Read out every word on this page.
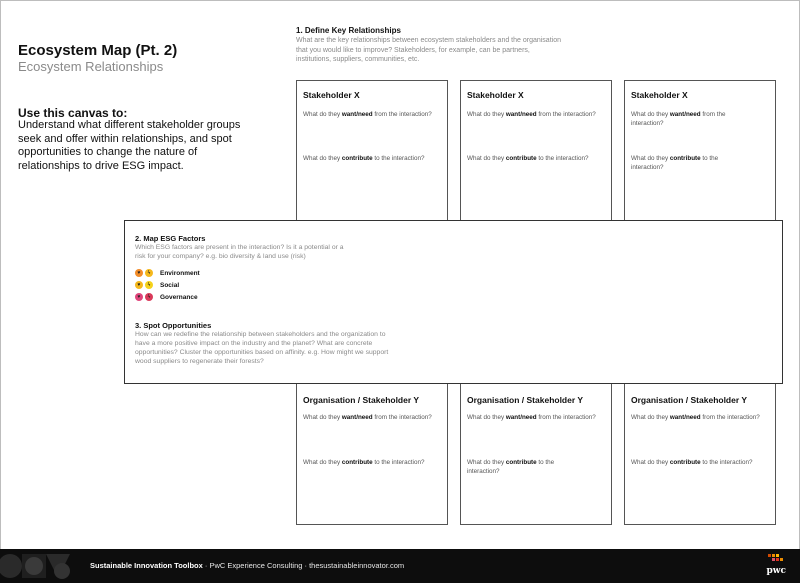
Ecosystem Map (Pt. 2)
Ecosystem Relationships
Use this canvas to:
Understand what different stakeholder groups seek and offer within relationships, and spot opportunities to change the nature of relationships to drive ESG impact.
1. Define Key Relationships
What are the key relationships between ecosystem stakeholders and the organisation that you would like to improve? Stakeholders, for example, can be partners, institutions, suppliers, communities, etc.
Stakeholder X
What do they want/need from the interaction?
What do they contribute to the interaction?
Stakeholder X
What do they want/need from the interaction?
What do they contribute to the interaction?
Stakeholder X
What do they want/need from the interaction?
What do they contribute to the interaction?
Organisation / Stakeholder Y
What do they want/need from the interaction?
What do they contribute to the interaction?
Organisation / Stakeholder Y
What do they want/need from the interaction?
What do they contribute to the interaction?
Organisation / Stakeholder Y
What do they want/need from the interaction?
What do they contribute to the interaction?
2. Map ESG Factors
Which ESG factors are present in the interaction? Is it a potential or a risk for your company? e.g. bio diversity & land use (risk)
♥	ϟ	Environment
♥	ϟ	Social
♥	ϟ	Governance
3. Spot Opportunities
How can we redefine the relationship between stakeholders and the organization to have a more positive impact on the industry and the planet? What are concrete opportunities? Cluster the opportunities based on affinity. e.g. How might we support wood suppliers to regenerate their forests?
Sustainable Innovation Toolbox · PwC Experience Consulting · thesustainableinnovator.com
pwc
